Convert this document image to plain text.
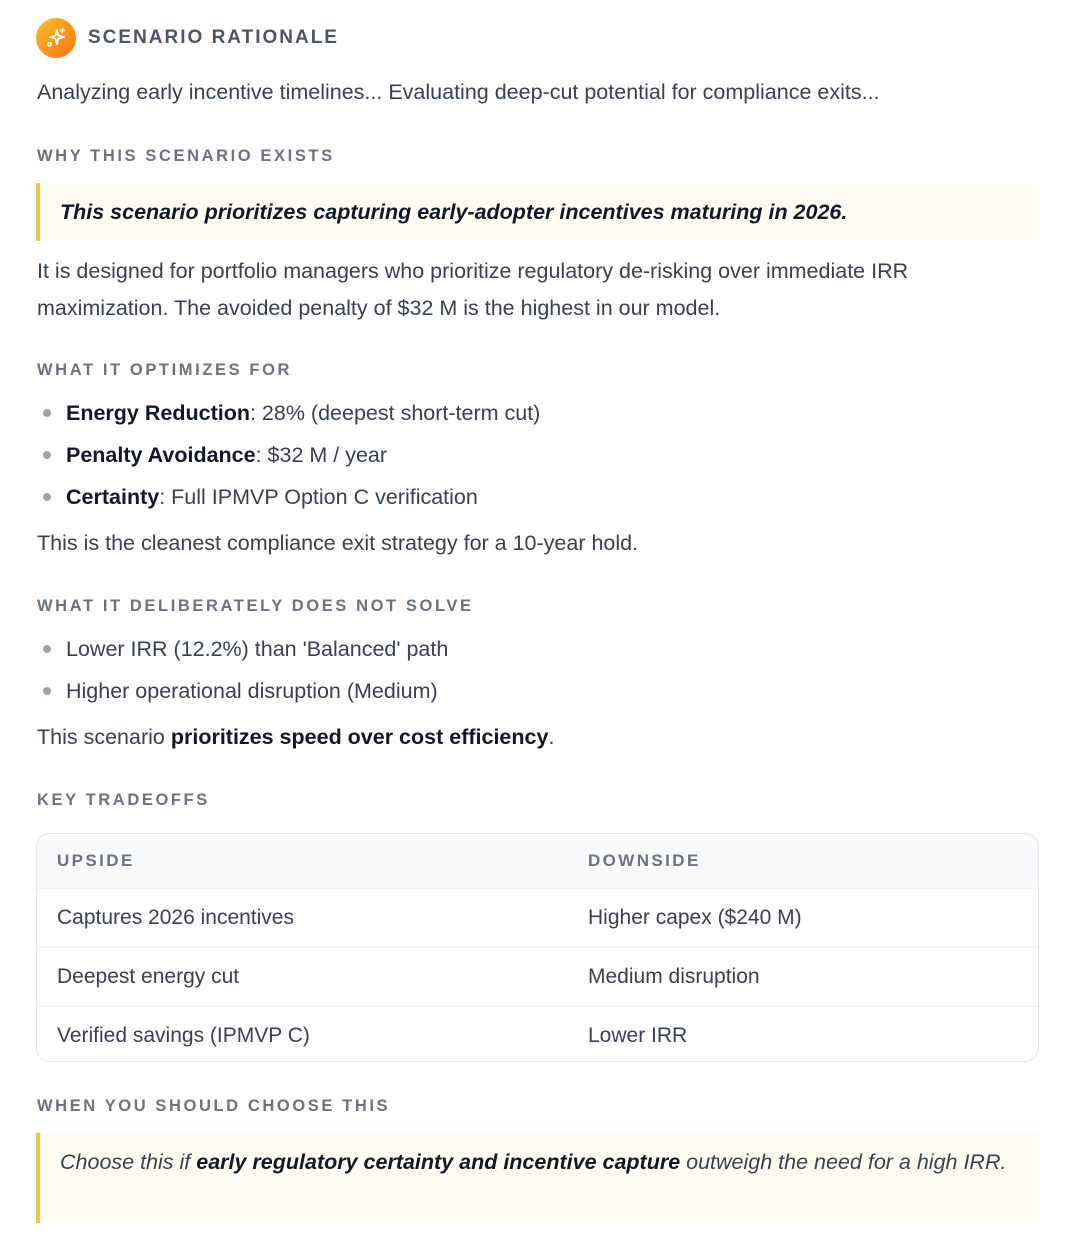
SCENARIO RATIONALE
Analyzing early incentive timelines... Evaluating deep-cut potential for compliance exits...
WHY THIS SCENARIO EXISTS
This scenario prioritizes capturing early-adopter incentives maturing in 2026.
It is designed for portfolio managers who prioritize regulatory de-risking over immediate IRR maximization. The avoided penalty of $32 M is the highest in our model.
WHAT IT OPTIMIZES FOR
Energy Reduction: 28% (deepest short-term cut)
Penalty Avoidance: $32 M / year
Certainty: Full IPMVP Option C verification
This is the cleanest compliance exit strategy for a 10-year hold.
WHAT IT DELIBERATELY DOES NOT SOLVE
Lower IRR (12.2%) than 'Balanced' path
Higher operational disruption (Medium)
This scenario prioritizes speed over cost efficiency.
KEY TRADEOFFS
UPSIDE	DOWNSIDE
Captures 2026 incentives	Higher capex ($240 M)
Deepest energy cut	Medium disruption
Verified savings (IPMVP C)	Lower IRR
WHEN YOU SHOULD CHOOSE THIS
Choose this if early regulatory certainty and incentive capture outweigh the need for a high IRR.
